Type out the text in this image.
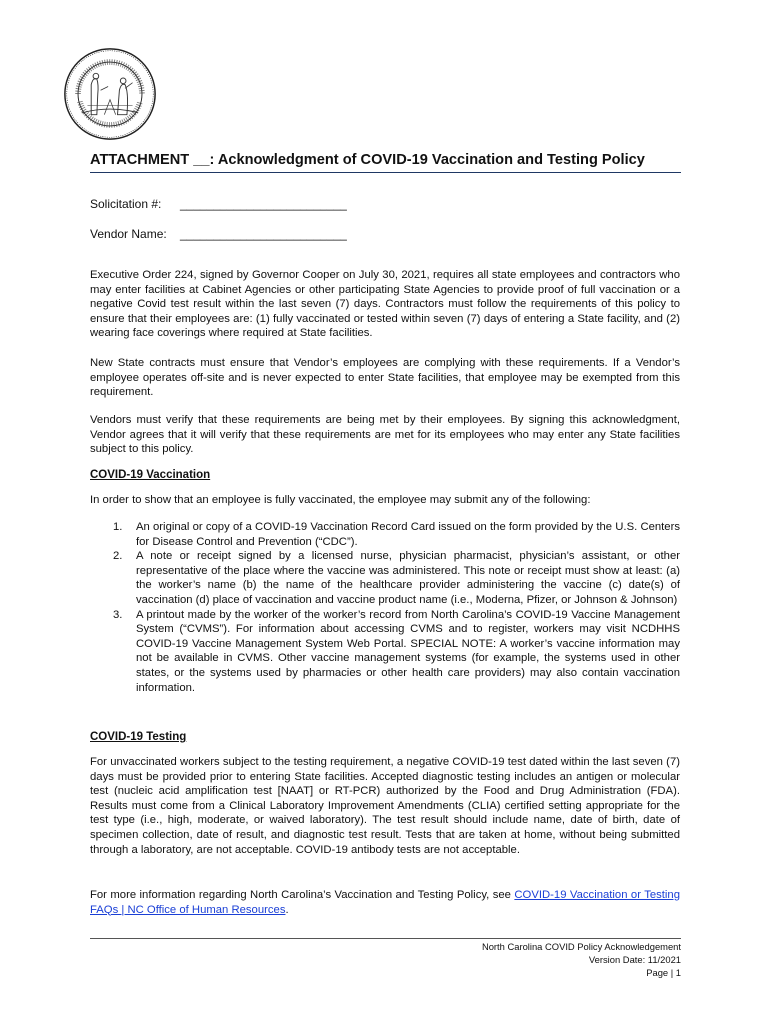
ATTACHMENT __: Acknowledgment of COVID-19 Vaccination and Testing Policy
Solicitation #: _________________________
Vendor Name: _________________________

Executive Order 224, signed by Governor Cooper on July 30, 2021, requires all state employees and contractors who may enter facilities at Cabinet Agencies or other participating State Agencies to provide proof of full vaccination or a negative Covid test result within the last seven (7) days. Contractors must follow the requirements of this policy to ensure that their employees are: (1) fully vaccinated or tested within seven (7) days of entering a State facility, and (2) wearing face coverings where required at State facilities.

New State contracts must ensure that Vendor’s employees are complying with these requirements. If a Vendor’s employee operates off-site and is never expected to enter State facilities, that employee may be exempted from this requirement.

Vendors must verify that these requirements are being met by their employees. By signing this acknowledgment, Vendor agrees that it will verify that these requirements are met for its employees who may enter any State facilities subject to this policy.

COVID-19 Vaccination

In order to show that an employee is fully vaccinated, the employee may submit any of the following:

1. An original or copy of a COVID-19 Vaccination Record Card issued on the form provided by the U.S. Centers for Disease Control and Prevention (“CDC”).
2. A note or receipt signed by a licensed nurse, physician pharmacist, physician’s assistant, or other representative of the place where the vaccine was administered. This note or receipt must show at least: (a) the worker’s name (b) the name of the healthcare provider administering the vaccine (c) date(s) of vaccination (d) place of vaccination and vaccine product name (i.e., Moderna, Pfizer, or Johnson & Johnson)
3. A printout made by the worker of the worker’s record from North Carolina’s COVID-19 Vaccine Management System (“CVMS”). For information about accessing CVMS and to register, workers may visit NCDHHS COVID-19 Vaccine Management System Web Portal. SPECIAL NOTE: A worker’s vaccine information may not be available in CVMS. Other vaccine management systems (for example, the systems used in other states, or the systems used by pharmacies or other health care providers) may also contain vaccination information.
COVID-19 Testing

For unvaccinated workers subject to the testing requirement, a negative COVID-19 test dated within the last seven (7) days must be provided prior to entering State facilities. Accepted diagnostic testing includes an antigen or molecular test (nucleic acid amplification test [NAAT] or RT-PCR) authorized by the Food and Drug Administration (FDA). Results must come from a Clinical Laboratory Improvement Amendments (CLIA) certified setting appropriate for the test type (i.e., high, moderate, or waived laboratory). The test result should include name, date of birth, date of specimen collection, date of result, and diagnostic test result. Tests that are taken at home, without being submitted through a laboratory, are not acceptable. COVID-19 antibody tests are not acceptable.

For more information regarding North Carolina’s Vaccination and Testing Policy, see COVID-19 Vaccination or Testing FAQs | NC Office of Human Resources.

North Carolina COVID Policy Acknowledgement
Version Date: 11/2021
Page | 1
